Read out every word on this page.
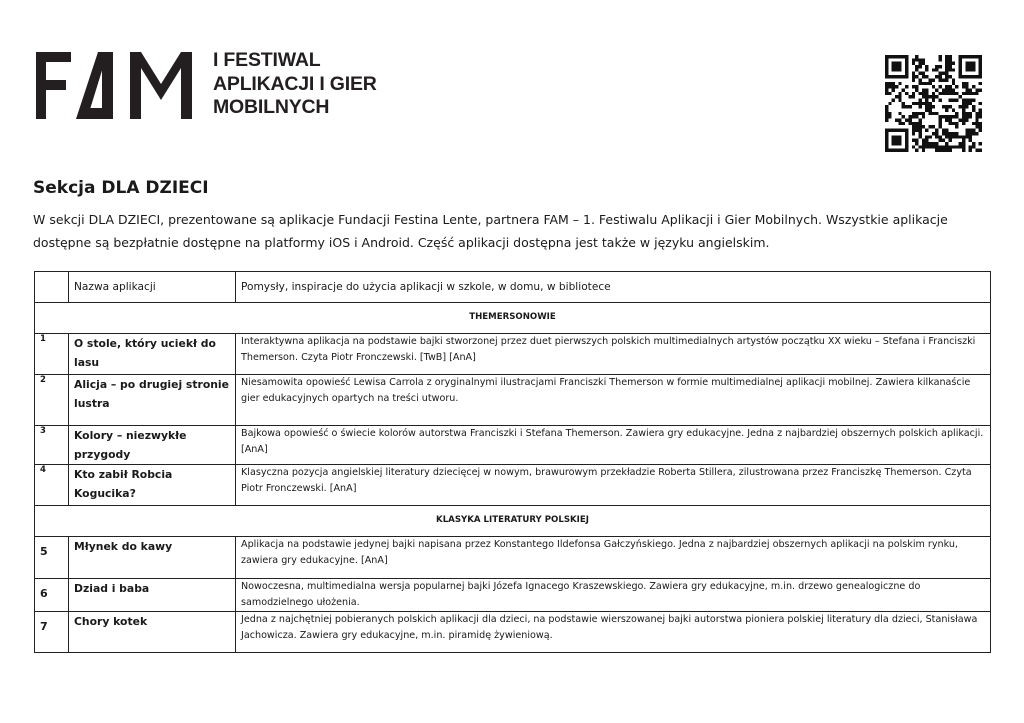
I FESTIWAL
APLIKACJI I GIER
MOBILNYCH
Sekcja DLA DZIECI

W sekcji DLA DZIECI, prezentowane są aplikacje Fundacji Festina Lente, partnera FAM – 1. Festiwalu Aplikacji i Gier Mobilnych. Wszystkie aplikacje dostępne są bezpłatnie dostępne na platformy iOS i Android. Część aplikacji dostępna jest także w języku angielskim.

	Nazwa aplikacji	Pomysły, inspiracje do użycia aplikacji w szkole, w domu, w bibliotece
THEMERSONOWIE		
1	O stole, który uciekł do lasu	Interaktywna aplikacja na podstawie bajki stworzonej przez duet pierwszych polskich multimedialnych artystów początku XX wieku – Stefana i Franciszki Themerson. Czyta Piotr Fronczewski. [TwB] [AnA]
2	Alicja – po drugiej stronie lustra	Niesamowita opowieść Lewisa Carrola z oryginalnymi ilustracjami Franciszki Themerson w formie multimedialnej aplikacji mobilnej. Zawiera kilkanaście gier edukacyjnych opartych na treści utworu.
3	Kolory – niezwykłe przygody	Bajkowa opowieść o świecie kolorów autorstwa Franciszki i Stefana Themerson. Zawiera gry edukacyjne. Jedna z najbardziej obszernych polskich aplikacji. [AnA]
4	Kto zabił Robcia Kogucika?	Klasyczna pozycja angielskiej literatury dziecięcej w nowym, brawurowym przekładzie Roberta Stillera, zilustrowana przez Franciszkę Themerson. Czyta Piotr Fronczewski. [AnA]
KLASYKA LITERATURY POLSKIEJ		
5	Młynek do kawy	Aplikacja na podstawie jedynej bajki napisana przez Konstantego Ildefonsa Gałczyńskiego. Jedna z najbardziej obszernych aplikacji na polskim rynku, zawiera gry edukacyjne. [AnA]
6	Dziad i baba	Nowoczesna, multimedialna wersja popularnej bajki Józefa Ignacego Kraszewskiego. Zawiera gry edukacyjne, m.in. drzewo genealogiczne do samodzielnego ułożenia.
7	Chory kotek	Jedna z najchętniej pobieranych polskich aplikacji dla dzieci, na podstawie wierszowanej bajki autorstwa pioniera polskiej literatury dla dzieci, Stanisława Jachowicza. Zawiera gry edukacyjne, m.in. piramidę żywieniową.
